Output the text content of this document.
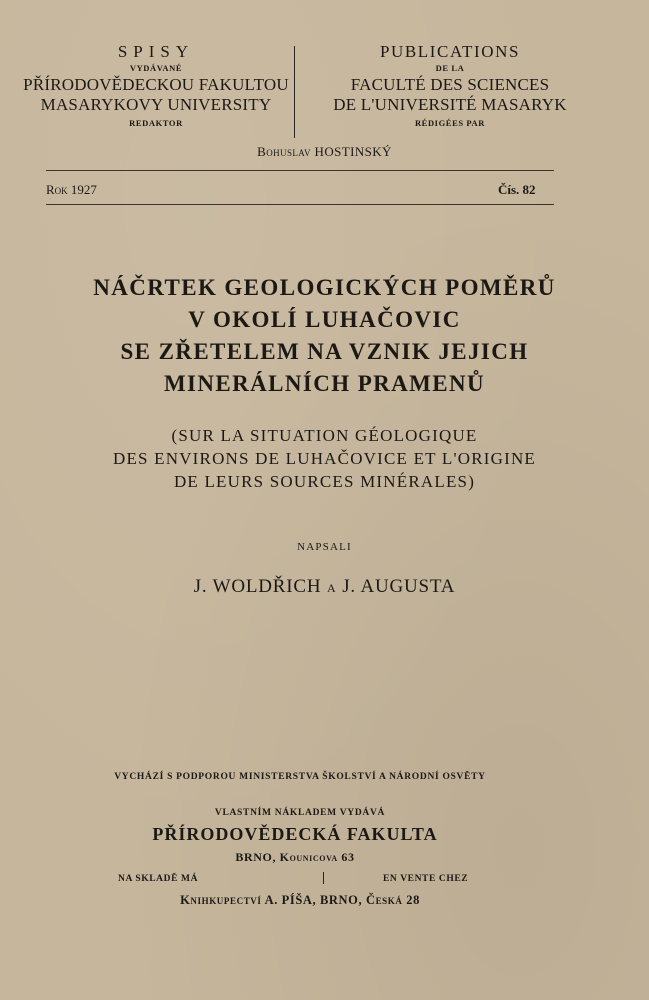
SPISY
VYDÁVANÉ
PŘÍRODOVĚDECKOU FAKULTOU
MASARYKOVY UNIVERSITY
REDAKTOR
PUBLICATIONS
DE LA
FACULTÉ DES SCIENCES
DE L'UNIVERSITÉ MASARYK
RÉDIGÉES PAR
Bohuslav HOSTINSKÝ
Rok 1927	Čís. 82
NÁČRTEK GEOLOGICKÝCH POMĚRŮ
V OKOLÍ LUHAČOVIC
SE ZŘETELEM NA VZNIK JEJICH
MINERÁLNÍCH PRAMENŮ
(SUR LA SITUATION GÉOLOGIQUE
DES ENVIRONS DE LUHAČOVICE ET L'ORIGINE
DE LEURS SOURCES MINÉRALES)
NAPSALI
J. WOLDŘICH A J. AUGUSTA
VYCHÁZÍ S PODPOROU MINISTERSTVA ŠKOLSTVÍ A NÁRODNÍ OSVĚTY
VLASTNÍM NÁKLADEM VYDÁVÁ
PŘÍRODOVĚDECKÁ FAKULTA
BRNO, Kounicova 63
NA SKLADĚ MÁ	EN VENTE CHEZ
Knihkupectví A. PÍŠA, BRNO, Česká 28
